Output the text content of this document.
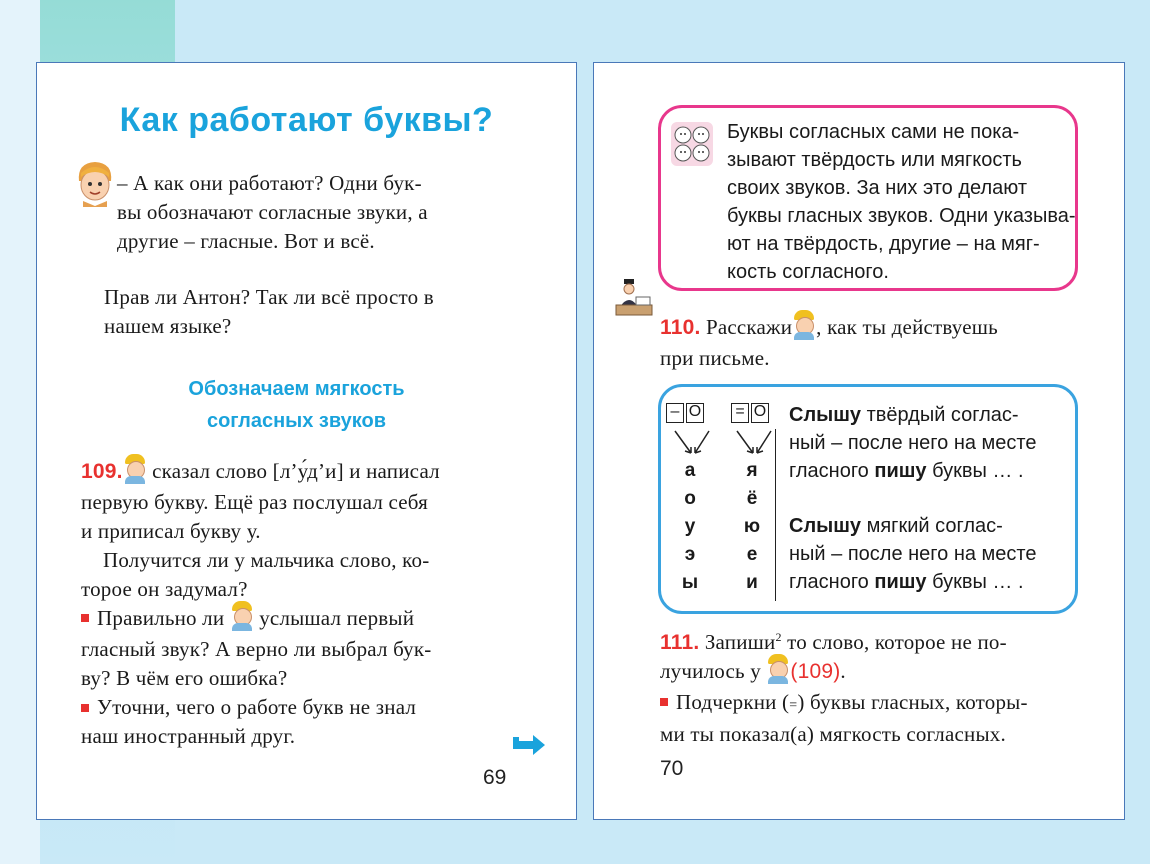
Как работают буквы?
– А как они работают? Одни бук-
вы обозначают согласные звуки, а
другие – гласные. Вот и всё.
Прав ли Антон? Так ли всё просто в
нашем языке?
Обозначаем мягкость
согласных звуков
109. сказал слово [л’у́д’и] и написал
первую букву. Ещё раз послушал себя
и приписал букву у.
Получится ли у мальчика слово, ко-
торое он задумал?
Правильно ли услышал первый
гласный звук? А верно ли выбрал бук-
ву? В чём его ошибка?
Уточни, чего о работе букв не знал
наш иностранный друг.
69
Буквы согласных сами не пока-
зывают твёрдость или мягкость
своих звуков. За них это делают
буквы гласных звуков. Одни указыва-
ют на твёрдость, другие – на мяг-
кость согласного.
110. Расскажи , как ты действуешь
при письме.
– О = О
а
о
у
э
ы
я
ё
ю
е
и
Слышу твёрдый соглас-
ный – после него на месте
гласного пишу буквы … .
Слышу мягкий соглас-
ный – после него на месте
гласного пишу буквы … .
111. Запиши$^2$ то слово, которое не по-
лучилось у (109).
Подчеркни (=) буквы гласных, которы-
ми ты показал(а) мягкость согласных.
70
